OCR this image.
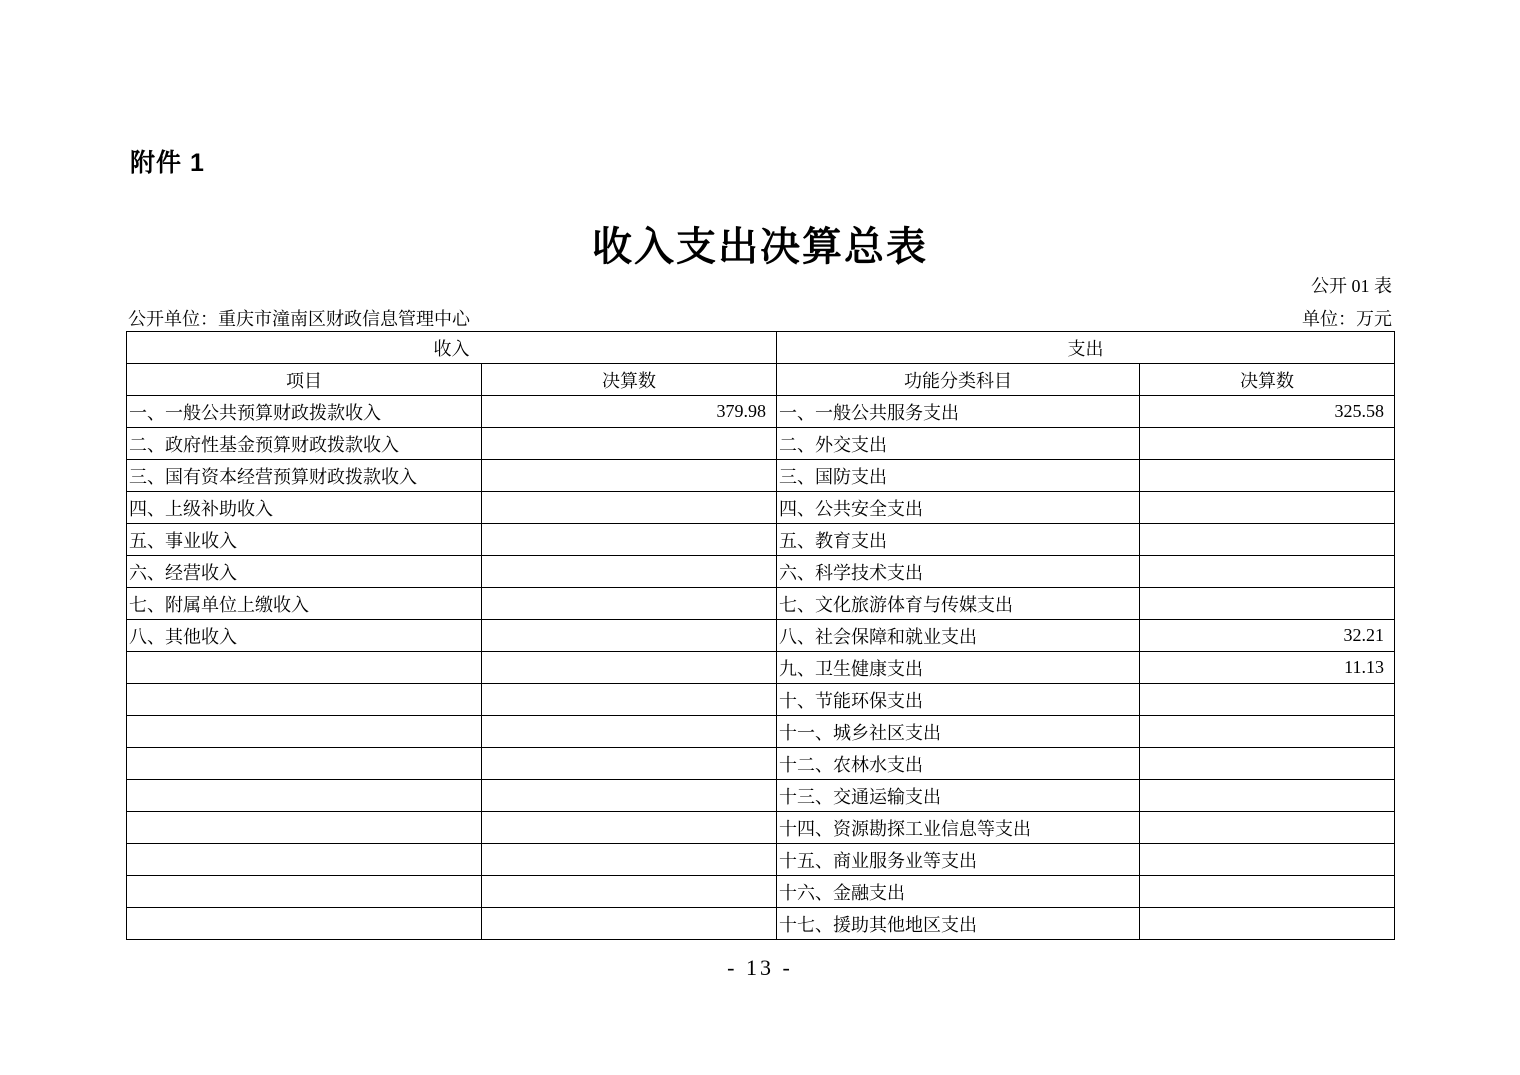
附件 1
收入支出决算总表
公开 01 表
公开单位：重庆市潼南区财政信息管理中心	单位：万元
收入		支出	
项目	决算数	功能分类科目	决算数
一、一般公共预算财政拨款收入	379.98	一、一般公共服务支出	325.58
二、政府性基金预算财政拨款收入		二、外交支出	
三、国有资本经营预算财政拨款收入		三、国防支出	
四、上级补助收入		四、公共安全支出	
五、事业收入		五、教育支出	
六、经营收入		六、科学技术支出	
七、附属单位上缴收入		七、文化旅游体育与传媒支出	
八、其他收入		八、社会保障和就业支出	32.21
		九、卫生健康支出	11.13
		十、节能环保支出	
		十一、城乡社区支出	
		十二、农林水支出	
		十三、交通运输支出	
		十四、资源勘探工业信息等支出	
		十五、商业服务业等支出	
		十六、金融支出	
		十七、援助其他地区支出	
- 13 -
